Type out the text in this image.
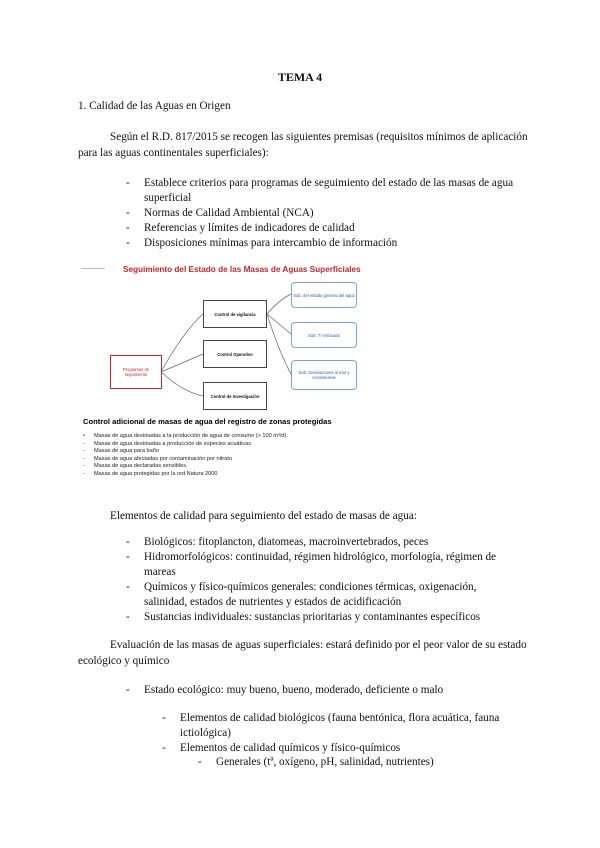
TEMA 4
1. Calidad de las Aguas en Origen
Según el R.D. 817/2015 se recogen las siguientes premisas (requisitos mínimos de aplicación para las aguas continentales superficiales):
- Establece criterios para programas de seguimiento del estado de las masas de agua superficial
- Normas de Calidad Ambiental (NCA)
- Referencias y límites de indicadores de calidad
- Disposiciones mínimas para intercambio de información
Seguimiento del Estado de las Masas de Aguas Superficiales
Programas de seguimiento
Control de vigilancia
Control Operativo
Control de Investigación
Sub. del estado general del agua
Sub. T/ enfocado
Sub. Desvíaciones al mar y ecosistemas
Control adicional de masas de agua del registro de zonas protegidas
• Masas de agua destinadas a la producción de agua de consumo (> 100 m³/d).
- Masas de agua destinadas a producción de especies acuáticas
- Masas de agua para baño
- Masas de agua afectadas por contaminación por nitrato
- Masas de agua declaradas sensibles.
- Masas de agua protegidas por la red Natura 2000
Elementos de calidad para seguimiento del estado de masas de agua:
- Biológicos: fitoplancton, diatomeas, macroinvertebrados, peces
- Hidromorfológicos: continuidad, régimen hidrológico, morfología, régimen de mareas
- Químicos y físico-químicos generales: condiciones térmicas, oxigenación, salinidad, estados de nutrientes y estados de acidificación
- Sustancias individuales: sustancias prioritarias y contaminantes específicos
Evaluación de las masas de aguas superficiales: estará definido por el peor valor de su estado ecológico y químico
- Estado ecológico: muy bueno, bueno, moderado, deficiente o malo
- Elementos de calidad biológicos (fauna bentónica, flora acuática, fauna ictiológica)
- Elementos de calidad químicos y físico-químicos
- Generales (tª, oxígeno, pH, salinidad, nutrientes)
